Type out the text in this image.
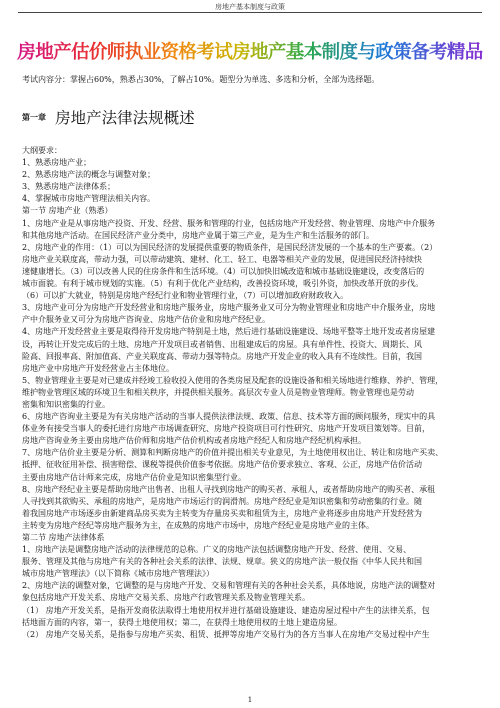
房地产基本制度与政策
房地产估价师执业资格考试房地产基本制度与政策备考精品
考试内容分：掌握占60%，熟悉占30%，了解占10%。题型分为单选、多选和分析，全部为选择题。
第一章 房地产法律法规概述

大纲要求：

1、熟悉房地产业；

2、熟悉房地产法的概念与调整对象；

3、熟悉房地产法律体系；

4、掌握城市房地产管理法相关内容。

第一节 房地产业（熟悉）

1、房地产业是从事房地产投资、开发、经营、服务和管理的行业，包括房地产开发经营、物业管理、房地产中介服务

和其他房地产活动。在国民经济产业分类中，房地产业属于第三产业，是为生产和生活服务的部门。

2、房地产业的作用：（1）可以为国民经济的发展提供重要的物质条件，是国民经济发展的一个基本的生产要素。（2）

房地产业关联度高，带动力强，可以带动建筑、建材、化工、轻工、电器等相关产业的发展，促进国民经济持续快

速健康增长。（3）可以改善人民的住房条件和生活环境。（4）可以加快旧城改造和城市基础设施建设，改变落后的

城市面貌。有利于城市规划的实施。（5）有利于优化产业结构，改善投资环境，吸引外资，加快改革开放的步伐。

（6）可以扩大就业，特别是房地产经纪行业和物业管理行业，（7）可以增加政府财政收入。

3、房地产业可分为房地产开发经营业和房地产服务业，房地产服务业又可分为物业管理业和房地产中介服务业，房地

产中介服务业又可分为房地产咨询业、房地产估价业和房地产经纪业。

4、房地产开发经营业主要是取得待开发房地产特别是土地，然后进行基础设施建设、场地平整等土地开发或者房屋建

设，再转让开发完成后的土地、房地产开发项目或者销售、出租建成后的房屋。具有单件性、投资大、周期长、风

险高、回报率高、附加值高、产业关联度高、带动力强等特点。房地产开发企业的收入具有不连续性。目前，我国

房地产业中房地产开发经营业占主体地位。

5、物业管理业主要是对已建成并经竣工验收投入使用的各类房屋及配套的设施设备和相关场地进行维修、养护、管理，

维护物业管理区域的环境卫生和相关秩序，并提供相关服务。高层次专业人员是物业管理师。物业管理也是劳动

密集和知识密集的行业。

6、房地产咨询业主要是为有关房地产活动的当事人提供法律法规、政策、信息、技术等方面的顾问服务，现实中的具

体业务有接受当事人的委托进行房地产市场调查研究、房地产投资项目可行性研究、房地产开发项目策划等。目前，

房地产咨询业务主要由房地产估价师和房地产估价机构或者房地产经纪人和房地产经纪机构承担。

7、房地产估价业主要是分析、测算和判断房地产的价值并提出相关专业意见，为土地使用权出让、转让和房地产买卖、

抵押、征收征用补偿、损害赔偿、课税等提供价值参考依据。房地产估价要求独立、客观、公正，房地产估价活动

主要由房地产估计师来完成，房地产估价业是知识密集型行业。

8、房地产经纪业主要是帮助房地产出售者、出租人寻找到房地产的购买者、承租人，或者帮助房地产的购买者、承租

人寻找到其欲购买、承租的房地产，是房地产市场运行的润滑剂。房地产经纪业是知识密集和劳动密集的行业。随

着我国房地产市场逐步由新建商品房买卖为主转变为存量房买卖和租赁为主，房地产业将逐步由房地产开发经营为

主转变为房地产经纪等房地产服务为主，在成熟的房地产市场中，房地产经纪业是房地产业的主体。

第二节 房地产法律体系

1、房地产法是调整房地产活动的法律规范的总称。广义的房地产法包括调整房地产开发、经营、使用、交易、

服务、管理及其他与房地产有关的各种社会关系的法律、法规、规章。狭义的房地产法一般仅指《中华人民共和国

城市房地产管理法》（以下简称《城市房地产管理法》）

2、房地产法的调整对象，它调整的是与房地产开发、交易和管理有关的各种社会关系，具体地说，房地产法的调整对

象包括房地产开发关系、房地产交易关系、房地产行政管理关系及物业管理关系。

（1） 房地产开发关系，是指开发商依法取得土地使用权并进行基础设施建设、建造房屋过程中产生的法律关系，包

括地面方面的内容，第一，获得土地使用权；第二，在获得土地使用权的土地上建造房屋。

（2） 房地产交易关系，是指参与房地产买卖、租赁、抵押等房地产交易行为的各方当事人在房地产交易过程中产生

1
